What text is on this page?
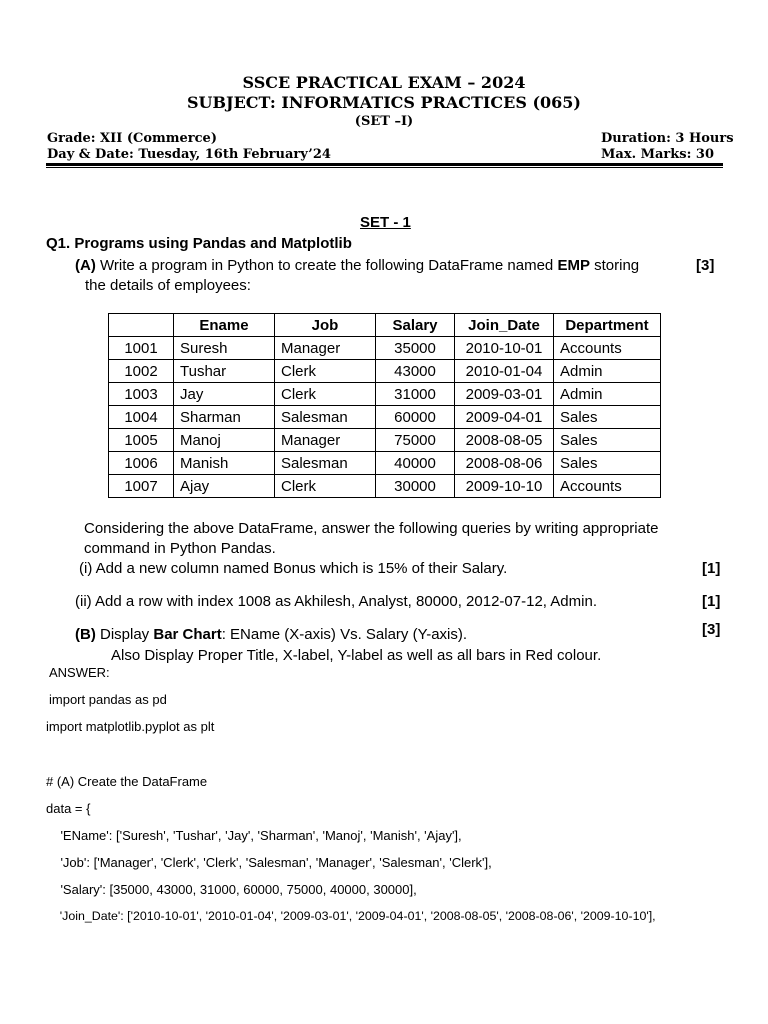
SSCE PRACTICAL EXAM – 2024
SUBJECT: INFORMATICS PRACTICES (065)
(SET –I)
Grade: XII (Commerce)	Duration: 3 Hours
Day & Date: Tuesday, 16th February’24	Max. Marks: 30
SET - 1
Q1. Programs using Pandas and Matplotlib
(A) Write a program in Python to create the following DataFrame named EMP storing	[3]
the details of employees:
	Ename	Job	Salary	Join_Date	Department
1001	Suresh	Manager	35000	2010-10-01	Accounts
1002	Tushar	Clerk	43000	2010-01-04	Admin
1003	Jay	Clerk	31000	2009-03-01	Admin
1004	Sharman	Salesman	60000	2009-04-01	Sales
1005	Manoj	Manager	75000	2008-08-05	Sales
1006	Manish	Salesman	40000	2008-08-06	Sales
1007	Ajay	Clerk	30000	2009-10-10	Accounts
Considering the above DataFrame, answer the following queries by writing appropriate
command in Python Pandas.
(i) Add a new column named Bonus which is 15% of their Salary.	[1]
(ii) Add a row with index 1008 as Akhilesh, Analyst, 80000, 2012-07-12, Admin.	[1]
(B) Display Bar Chart: EName (X-axis) Vs. Salary (Y-axis).	[3]
Also Display Proper Title, X-label, Y-label as well as all bars in Red colour.
ANSWER:
import pandas as pd
import matplotlib.pyplot as plt
# (A) Create the DataFrame
data = {
'EName': ['Suresh', 'Tushar', 'Jay', 'Sharman', 'Manoj', 'Manish', 'Ajay'],
'Job': ['Manager', 'Clerk', 'Clerk', 'Salesman', 'Manager', 'Salesman', 'Clerk'],
'Salary': [35000, 43000, 31000, 60000, 75000, 40000, 30000],
'Join_Date': ['2010-10-01', '2010-01-04', '2009-03-01', '2009-04-01', '2008-08-05', '2008-08-06', '2009-10-10'],
